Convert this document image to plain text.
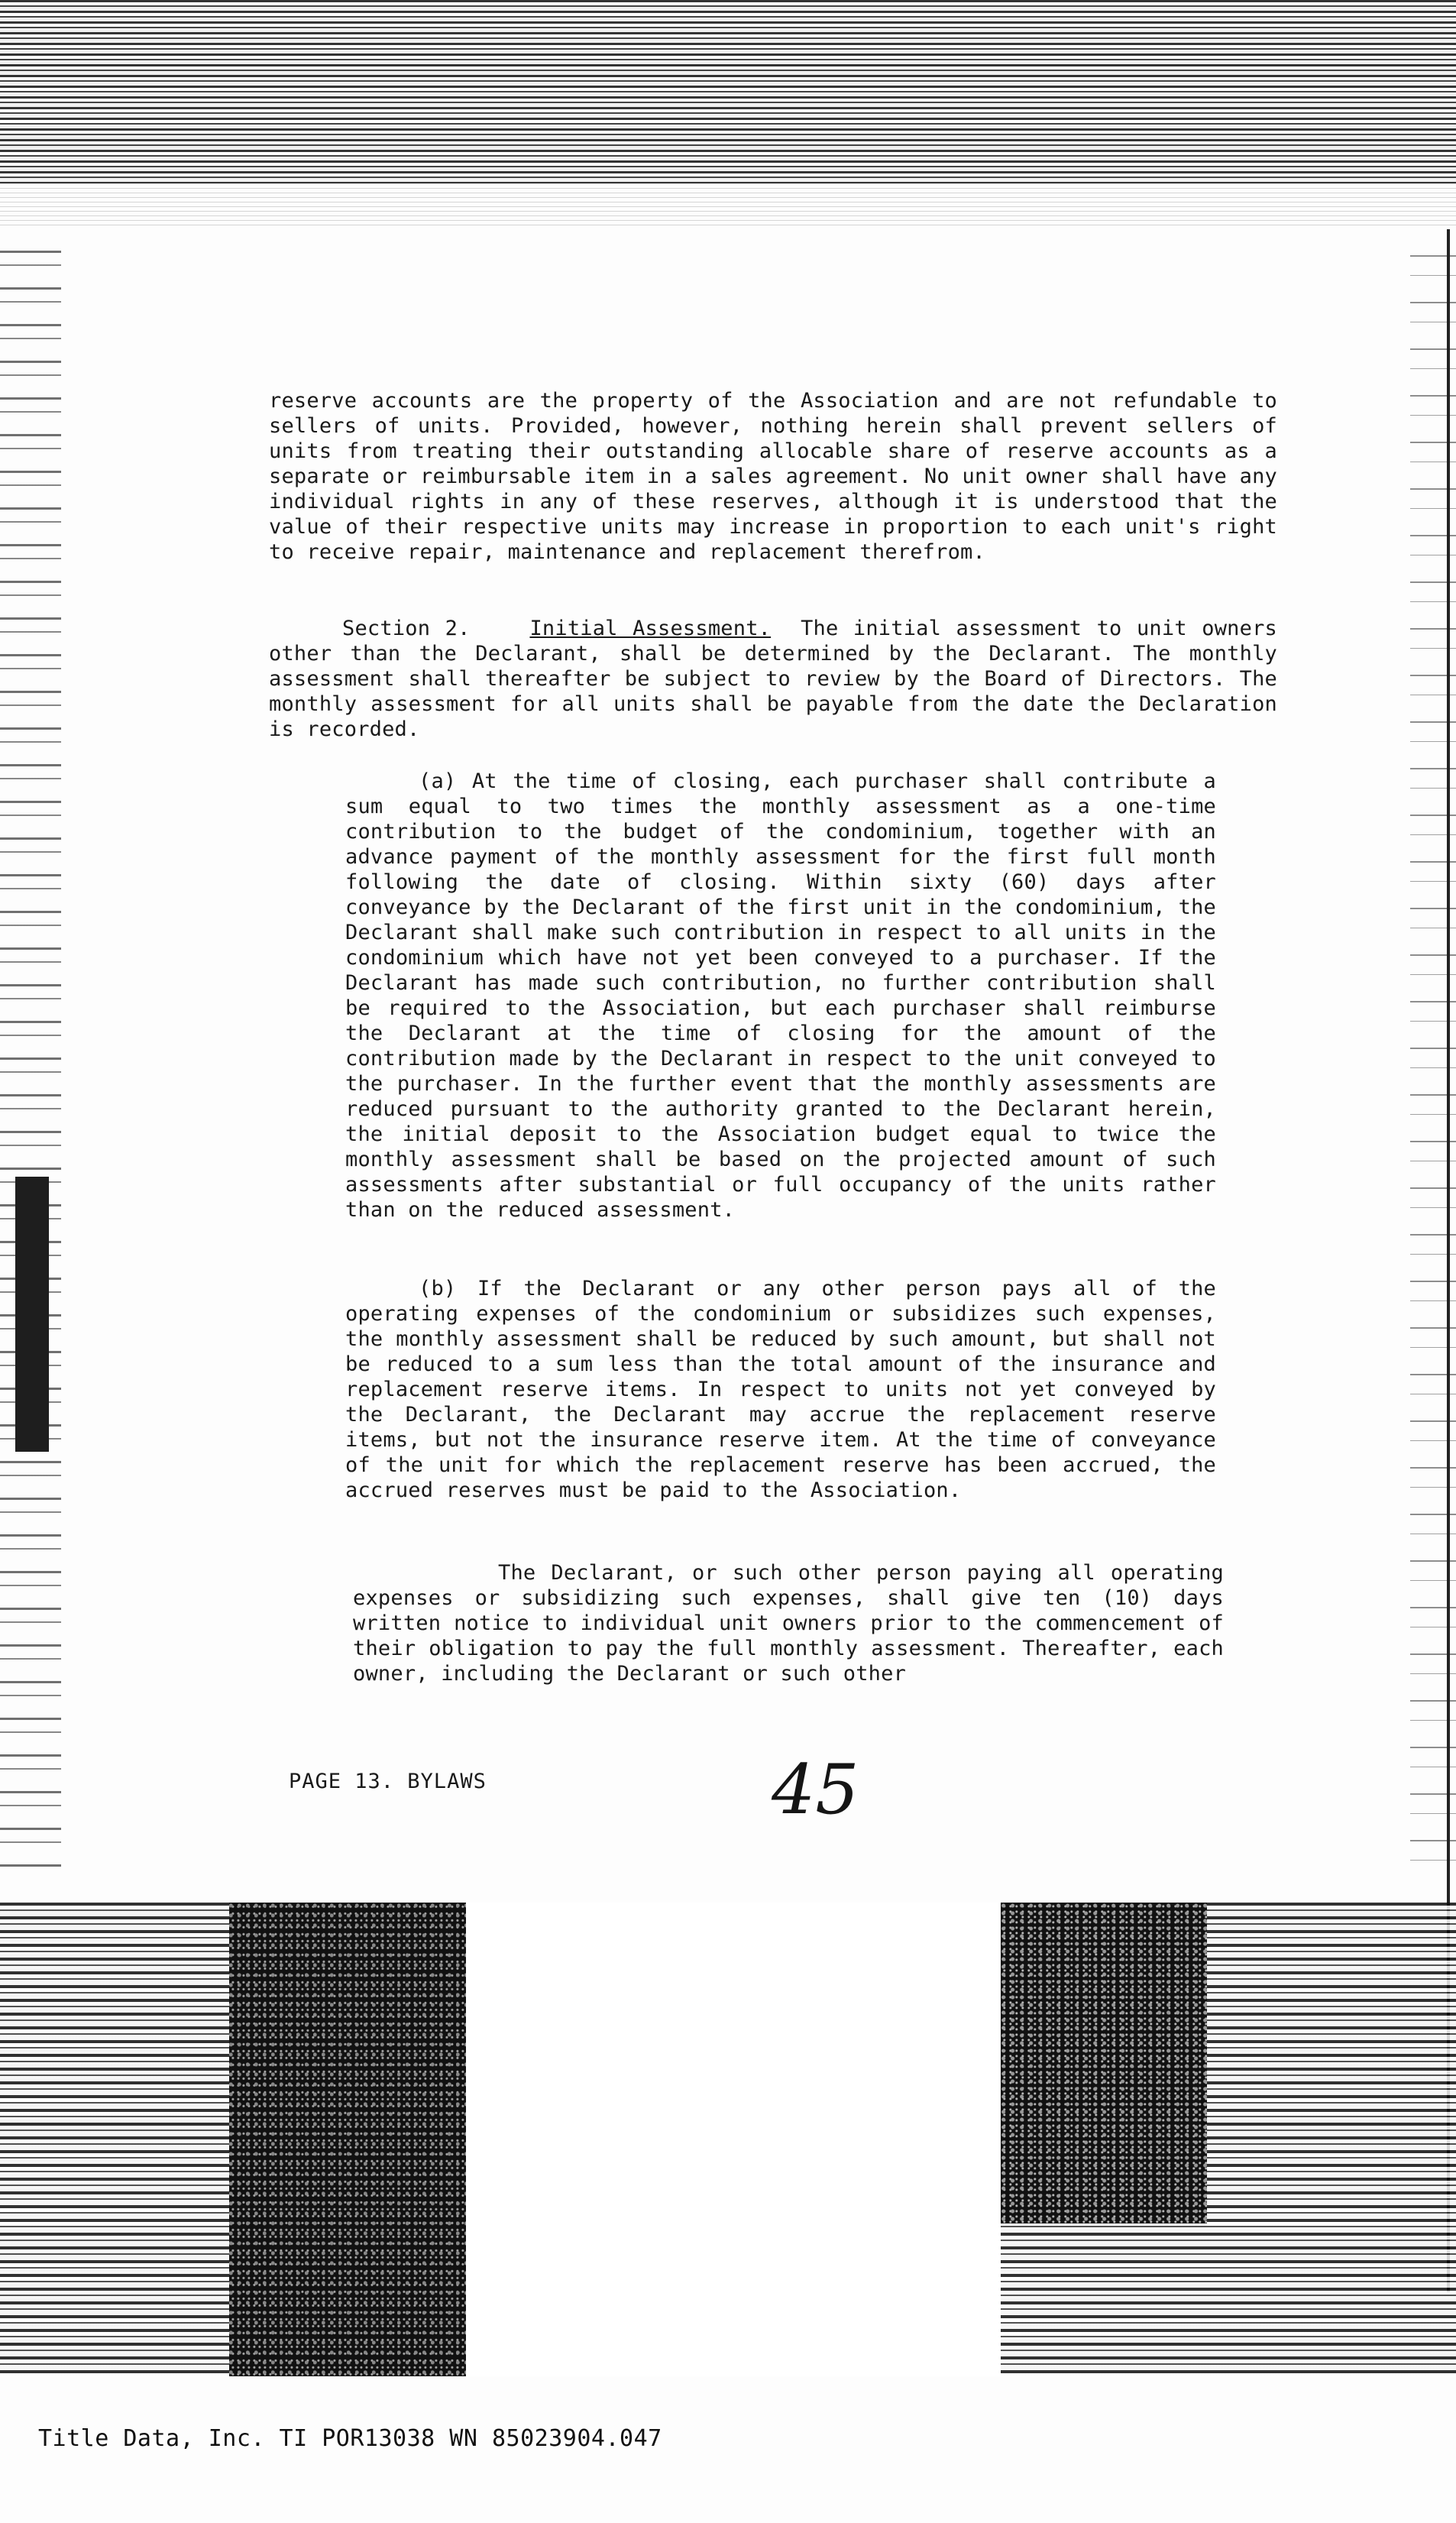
reserve accounts are the property of the Association and are not refundable to sellers of units. Provided, however, nothing herein shall prevent sellers of units from treating their outstanding allocable share of reserve accounts as a separate or reimbursable item in a sales agreement. No unit owner shall have any individual rights in any of these reserves, although it is understood that the value of their respective units may increase in proportion to each unit's right to receive repair, maintenance and replacement therefrom.
Section 2.	Initial Assessment. The initial assessment to unit owners other than the Declarant, shall be determined by the Declarant. The monthly assessment shall thereafter be subject to review by the Board of Directors. The monthly assessment for all units shall be payable from the date the Declaration is recorded.
(a) At the time of closing, each purchaser shall contribute a sum equal to two times the monthly assessment as a one-time contribution to the budget of the condominium, together with an advance payment of the monthly assessment for the first full month following the date of closing. Within sixty (60) days after conveyance by the Declarant of the first unit in the condominium, the Declarant shall make such contribution in respect to all units in the condominium which have not yet been conveyed to a purchaser. If the Declarant has made such contribution, no further contribution shall be required to the Association, but each purchaser shall reimburse the Declarant at the time of closing for the amount of the contribution made by the Declarant in respect to the unit conveyed to the purchaser. In the further event that the monthly assessments are reduced pursuant to the authority granted to the Declarant herein, the initial deposit to the Association budget equal to twice the monthly assessment shall be based on the projected amount of such assessments after substantial or full occupancy of the units rather than on the reduced assessment.
(b) If the Declarant or any other person pays all of the operating expenses of the condominium or subsidizes such expenses, the monthly assessment shall be reduced by such amount, but shall not be reduced to a sum less than the total amount of the insurance and replacement reserve items. In respect to units not yet conveyed by the Declarant, the Declarant may accrue the replacement reserve items, but not the insurance reserve item. At the time of conveyance of the unit for which the replacement reserve has been accrued, the accrued reserves must be paid to the Association.
The Declarant, or such other person paying all operating expenses or subsidizing such expenses, shall give ten (10) days written notice to individual unit owners prior to the commencement of their obligation to pay the full monthly assessment. Thereafter, each owner, including the Declarant or such other
PAGE 13. BYLAWS	45
Title Data, Inc. TI POR13038 WN 85023904.047
